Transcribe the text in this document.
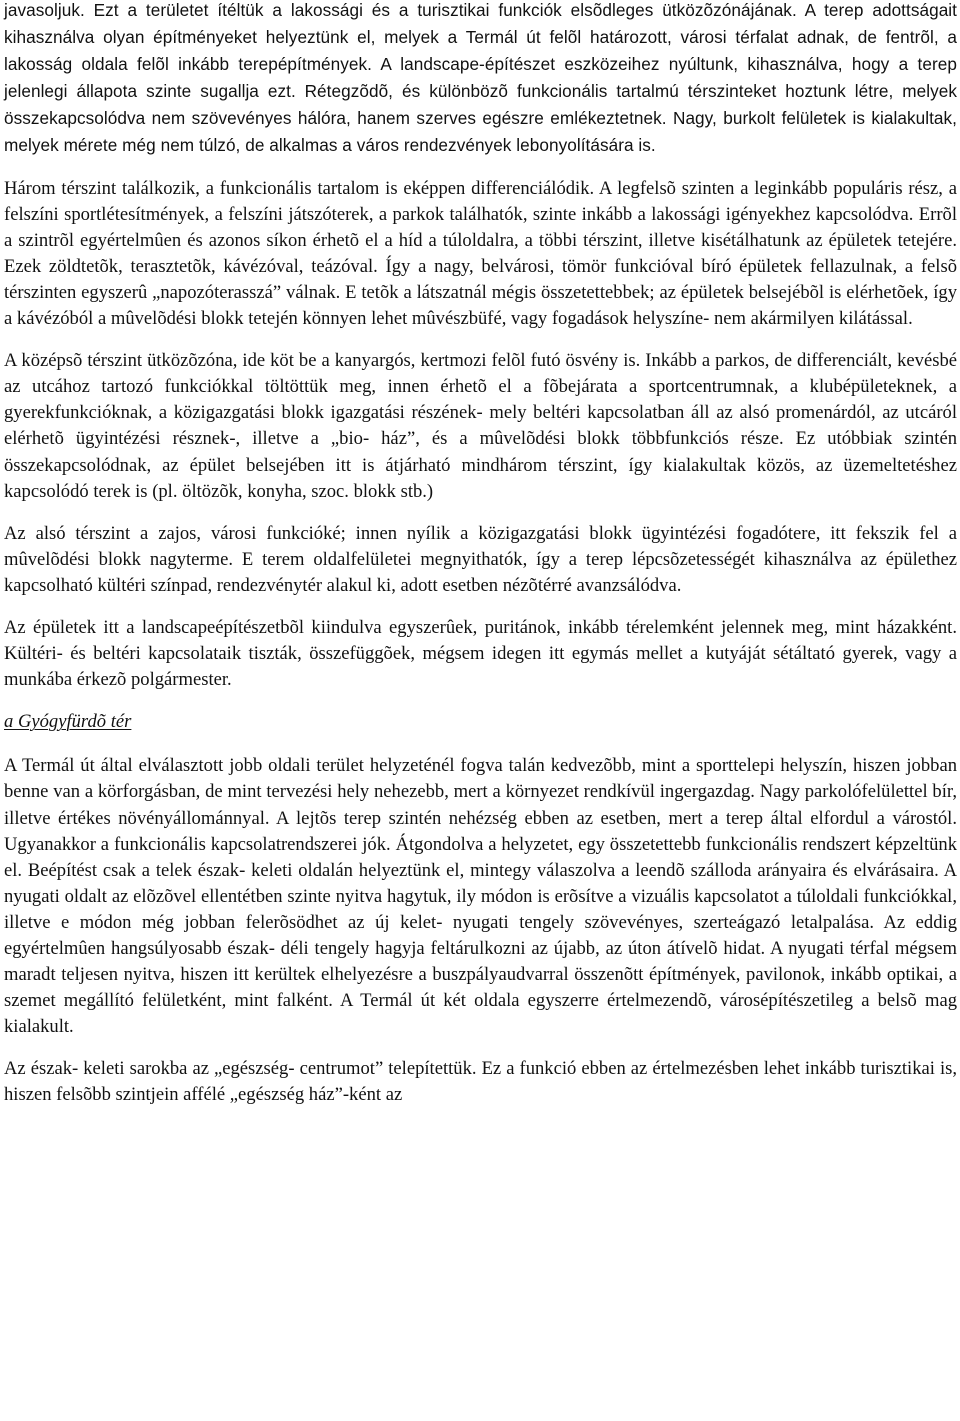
javasoljuk. Ezt a területet ítéltük a lakossági és a turisztikai funkciók elsõdleges ütközõzónájának. A terep adottságait kihasználva olyan építményeket helyeztünk el, melyek a Termál út felõl határozott, városi térfalat adnak, de fentrõl, a lakosság oldala felõl inkább terepépítmények. A landscape-építészet eszközeihez nyúltunk, kihasználva, hogy a terep jelenlegi állapota szinte sugallja ezt. Rétegzõdõ, és különbözõ funkcionális tartalmú térszinteket hoztunk létre, melyek összekapcsolódva nem szövevényes hálóra, hanem szerves egészre emlékeztetnek. Nagy, burkolt felületek is kialakultak, melyek mérete még nem túlzó, de alkalmas a város rendezvények lebonyolítására is.

Három térszint találkozik, a funkcionális tartalom is eképpen differenciálódik. A legfelsõ szinten a leginkább populáris rész, a felszíni sportlétesítmények, a felszíni játszóterek, a parkok találhatók, szinte inkább a lakossági igényekhez kapcsolódva. Errõl a szintrõl egyértelmûen és azonos síkon érhetõ el a híd a túloldalra, a többi térszint, illetve kisétálhatunk az épületek tetejére. Ezek zöldtetõk, terasztetõk, kávézóval, teázóval. Így a nagy, belvárosi, tömör funkcióval bíró épületek fellazulnak, a felsõ térszinten egyszerû „napozóterasszá” válnak. E tetõk a látszatnál mégis összetettebbek; az épületek belsejébõl is elérhetõek, így a kávézóból a mûvelõdési blokk tetején könnyen lehet mûvészbüfé, vagy fogadások helyszíne- nem akármilyen kilátással.

A középsõ térszint ütközõzóna, ide köt be a kanyargós, kertmozi felõl futó ösvény is. Inkább a parkos, de differenciált, kevésbé az utcához tartozó funkciókkal töltöttük meg, innen érhetõ el a fõbejárata a sportcentrumnak, a klubépületeknek, a gyerekfunkcióknak, a közigazgatási blokk igazgatási részének- mely beltéri kapcsolatban áll az alsó promenárdól, az utcáról elérhetõ ügyintézési résznek-, illetve a „bio- ház”, és a mûvelõdési blokk többfunkciós része. Ez utóbbiak szintén összekapcsolódnak, az épület belsejében itt is átjárható mindhárom térszint, így kialakultak közös, az üzemeltetéshez kapcsolódó terek is (pl. öltözõk, konyha, szoc. blokk stb.)

Az alsó térszint a zajos, városi funkcióké; innen nyílik a közigazgatási blokk ügyintézési fogadótere, itt fekszik fel a mûvelõdési blokk nagyterme. E terem oldalfelületei megnyithatók, így a terep lépcsõzetességét kihasználva az épülethez kapcsolható kültéri színpad, rendezvénytér alakul ki, adott esetben nézõtérré avanzsálódva.

Az épületek itt a landscapeépítészetbõl kiindulva egyszerûek, puritánok, inkább térelemként jelennek meg, mint házakként. Kültéri- és beltéri kapcsolataik tiszták, összefüggõek, mégsem idegen itt egymás mellet a kutyáját sétáltató gyerek, vagy a munkába érkezõ polgármester.

a Gyógyfürdõ tér

A Termál út által elválasztott jobb oldali terület helyzeténél fogva talán kedvezõbb, mint a sporttelepi helyszín, hiszen jobban benne van a körforgásban, de mint tervezési hely nehezebb, mert a környezet rendkívül ingergazdag. Nagy parkolófelülettel bír, illetve értékes növényállománnyal. A lejtõs terep szintén nehézség ebben az esetben, mert a terep által elfordul a várostól. Ugyanakkor a funkcionális kapcsolatrendszerei jók. Átgondolva a helyzetet, egy összetettebb funkcionális rendszert képzeltünk el. Beépítést csak a telek észak- keleti oldalán helyeztünk el, mintegy válaszolva a leendõ szálloda arányaira és elvárásaira. A nyugati oldalt az elõzõvel ellentétben szinte nyitva hagytuk, ily módon is erõsítve a vizuális kapcsolatot a túloldali funkciókkal, illetve e módon még jobban felerõsödhet az új kelet- nyugati tengely szövevényes, szerteágazó letalpalása. Az eddig egyértelmûen hangsúlyosabb észak- déli tengely hagyja feltárulkozni az újabb, az úton átívelõ hidat. A nyugati térfal mégsem maradt teljesen nyitva, hiszen itt kerültek elhelyezésre a buszpályaudvarral összenõtt építmények, pavilonok, inkább optikai, a szemet megállító felületként, mint falként. A Termál út két oldala egyszerre értelmezendõ, városépítészetileg a belsõ mag kialakult.

Az észak- keleti sarokba az „egészség- centrumot” telepítettük. Ez a funkció ebben az értelmezésben lehet inkább turisztikai is, hiszen felsõbb szintjein affélé „egészség ház”-ként az
